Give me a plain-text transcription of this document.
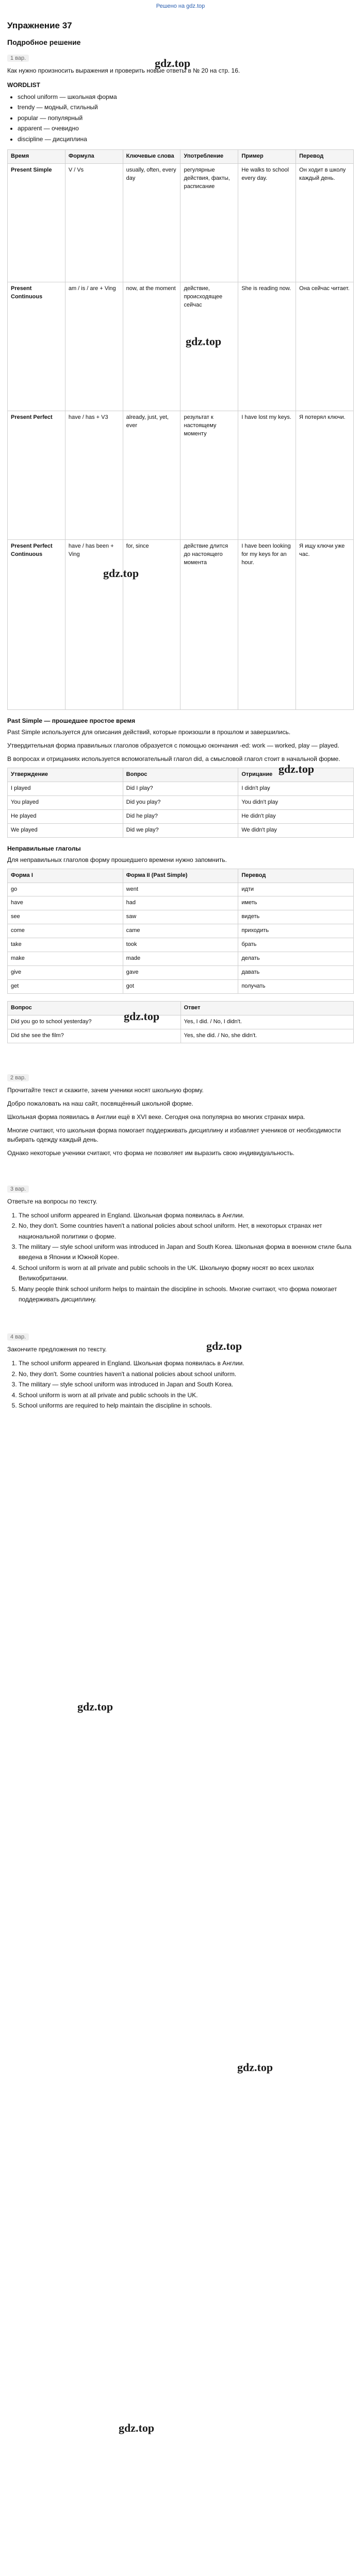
Решено на gdz.top
Упражнение 37
Подробное решение
1 вар.
Как нужно произносить выражения и проверить новые ответы в № 20 на стр. 16.
WORDLIST
• school uniform — школьная форма
• trendy — модный, стильный
• popular — популярный
• apparent — очевидно
• discipline — дисциплина
Время	Формула	Ключевые слова	Употребление	Пример	Перевод
Present Simple	V / Vs	usually, often, every day	регулярные действия, факты, расписание	He walks to school every day.	Он ходит в школу каждый день.
Present Continuous	am / is / are + Ving	now, at the moment	действие, происходящее сейчас	She is reading now.	Она сейчас читает.
Present Perfect	have / has + V3	already, just, yet, ever	результат к настоящему моменту	I have lost my keys.	Я потерял ключи.
Present Perfect Continuous	have / has been + Ving	for, since	действие длится до настоящего момента	I have been looking for my keys for an hour.	Я ищу ключи уже час.
Past Simple — прошедшее простое время

Past Simple используется для описания действий, которые произошли в прошлом и завершились.

Утвердительная форма правильных глаголов образуется с помощью окончания -ed: work — worked, play — played.

В вопросах и отрицаниях используется вспомогательный глагол did, а смысловой глагол стоит в начальной форме.

Утверждение	Вопрос	Отрицание
I played	Did I play?	I didn't play
You played	Did you play?	You didn't play
He played	Did he play?	He didn't play
We played	Did we play?	We didn't play
Неправильные глаголы

Для неправильных глаголов форму прошедшего времени нужно запомнить.

Форма I	Форма II (Past Simple)	Перевод
go	went	идти
have	had	иметь
see	saw	видеть
come	came	приходить
take	took	брать
make	made	делать
give	gave	давать
get	got	получать
Вопрос	Ответ
Did you go to school yesterday?	Yes, I did. / No, I didn't.
Did she see the film?	Yes, she did. / No, she didn't.
2 вар.
Прочитайте текст и скажите, зачем ученики носят школьную форму.

Добро пожаловать на наш сайт, посвящённый школьной форме.

Школьная форма появилась в Англии ещё в XVI веке. Сегодня она популярна во многих странах мира.

Многие считают, что школьная форма помогает поддерживать дисциплину и избавляет учеников от необходимости выбирать одежду каждый день.

Однако некоторые ученики считают, что форма не позволяет им выразить свою индивидуальность.

3 вар.
Ответьте на вопросы по тексту.
1. The school uniform appeared in England. Школьная форма появилась в Англии.
2. No, they don't. Some countries haven't a national policies about school uniform. Нет, в некоторых странах нет национальной политики о форме.
3. The military — style school uniform was introduced in Japan and South Korea. Школьная форма в военном стиле была введена в Японии и Южной Корее.
4. School uniform is worn at all private and public schools in the UK. Школьную форму носят во всех школах Великобритании.
5. Many people think school uniform helps to maintain the discipline in schools. Многие считают, что форма помогает поддерживать дисциплину.
4 вар.
Закончите предложения по тексту.
1. The school uniform appeared in England. Школьная форма появилась в Англии.
2. No, they don't. Some countries haven't a national policies about school uniform.
3. The military — style school uniform was introduced in Japan and South Korea.
4. School uniform is worn at all private and public schools in the UK.
5. School uniforms are required to help maintain the discipline in schools.
gdz.top
gdz.top
gdz.top
gdz.top
gdz.top
gdz.top
gdz.top
gdz.top
gdz.top
